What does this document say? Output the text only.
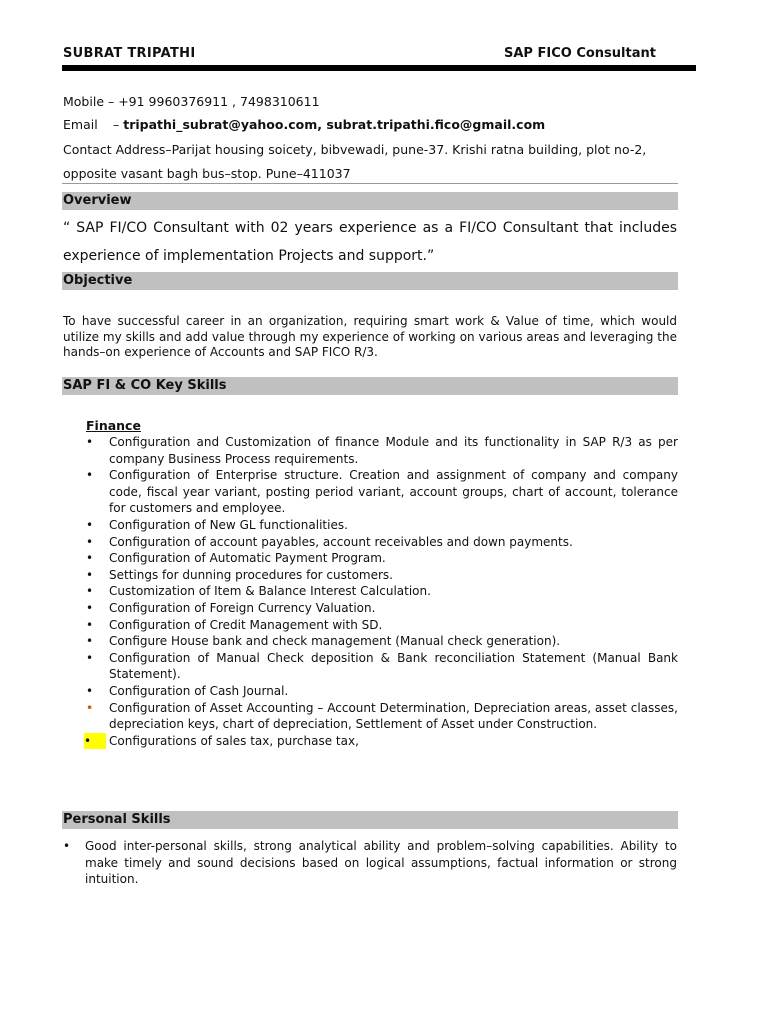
SUBRAT TRIPATHI	SAP FICO Consultant
Mobile – +91 9960376911 , 7498310611
Email – tripathi_subrat@yahoo.com, subrat.tripathi.fico@gmail.com
Contact Address–Parijat housing soicety, bibvewadi, pune-37. Krishi ratna building, plot no-2,
opposite vasant bagh bus–stop. Pune–411037
Overview
“ SAP FI/CO Consultant with 02 years experience as a FI/CO Consultant that includes experience of implementation Projects and support.”
Objective
To have successful career in an organization, requiring smart work & Value of time, which would utilize my skills and add value through my experience of working on various areas and leveraging the hands–on experience of Accounts and SAP FICO R/3.
SAP FI & CO Key Skills
Finance
•	Configuration and Customization of finance Module and its functionality in SAP R/3 as per company Business Process requirements.
•	Configuration of Enterprise structure. Creation and assignment of company and company code, fiscal year variant, posting period variant, account groups, chart of account, tolerance for customers and employee.
•	Configuration of New GL functionalities.
•	Configuration of account payables, account receivables and down payments.
•	Configuration of Automatic Payment Program.
•	Settings for dunning procedures for customers.
•	Customization of Item & Balance Interest Calculation.
•	Configuration of Foreign Currency Valuation.
•	Configuration of Credit Management with SD.
•	Configure House bank and check management (Manual check generation).
•	Configuration of Manual Check deposition & Bank reconciliation Statement (Manual Bank Statement).
•	Configuration of Cash Journal.
•	Configuration of Asset Accounting – Account Determination, Depreciation areas, asset classes, depreciation keys, chart of depreciation, Settlement of Asset under Construction.
•	Configurations of sales tax, purchase tax,
Personal Skills
•	Good inter-personal skills, strong analytical ability and problem–solving capabilities. Ability to make timely and sound decisions based on logical assumptions, factual information or strong intuition.
